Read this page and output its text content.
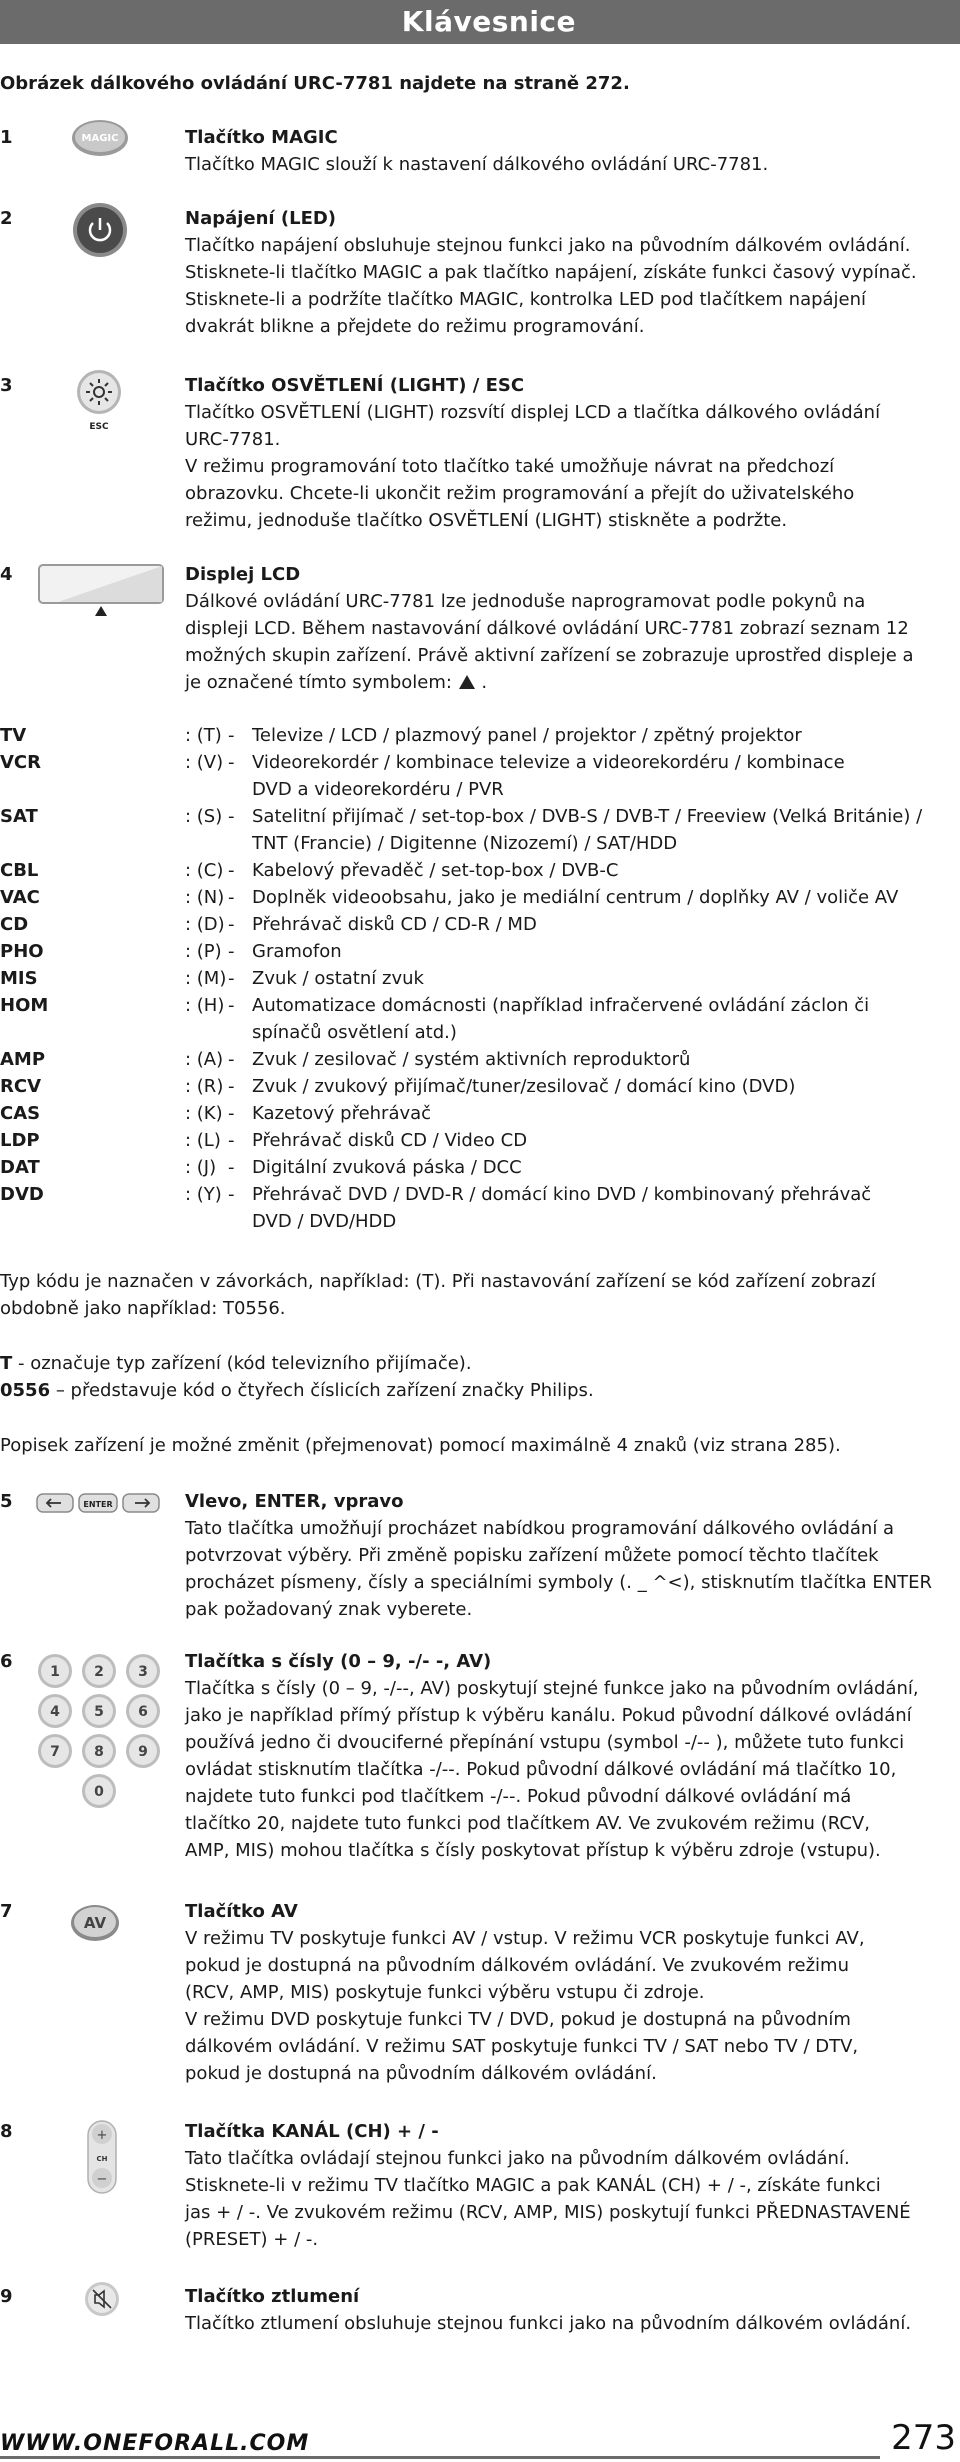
Klávesnice
Obrázek dálkového ovládání URC-7781 najdete na straně 272.
1	MAGIC	Tlačítko MAGIC

Tlačítko MAGIC slouží k nastavení dálkového ovládání URC-7781.

2	Napájení (LED)

Tlačítko napájení obsluhuje stejnou funkci jako na původním dálkovém ovládání.

Stisknete-li tlačítko MAGIC a pak tlačítko napájení, získáte funkci časový vypínač.

Stisknete-li a podržíte tlačítko MAGIC, kontrolka LED pod tlačítkem napájení

dvakrát blikne a přejdete do režimu programování.

3
ESC

Tlačítko OSVĚTLENÍ (LIGHT) / ESC

Tlačítko OSVĚTLENÍ (LIGHT) rozsvítí displej LCD a tlačítka dálkového ovládání

URC-7781.

V režimu programování toto tlačítko také umožňuje návrat na předchozí

obrazovku. Chcete-li ukončit režim programování a přejít do uživatelského

režimu, jednoduše tlačítko OSVĚTLENÍ (LIGHT) stiskněte a podržte.

4	Displej LCD

Dálkové ovládání URC-7781 lze jednoduše naprogramovat podle pokynů na

displeji LCD. Během nastavování dálkové ovládání URC-7781 zobrazí seznam 12

možných skupin zařízení. Právě aktivní zařízení se zobrazuje uprostřed displeje a

je označené tímto symbolem: .

TV	: (T) - Televize / LCD / plazmový panel / projektor / zpětný projektor

VCR	: (V) - Videorekordér / kombinace televize a videorekordéru / kombinace

DVD a videorekordéru / PVR

SAT	: (S) - Satelitní přijímač / set-top-box / DVB-S / DVB-T / Freeview (Velká Británie) /

TNT (Francie) / Digitenne (Nizozemí) / SAT/HDD

CBL	: (C) - Kabelový převaděč / set-top-box / DVB-C

VAC	: (N) - Doplněk videoobsahu, jako je mediální centrum / doplňky AV / voliče AV

CD	: (D) - Přehrávač disků CD / CD-R / MD

PHO	: (P) - Gramofon

MIS	: (M) - Zvuk / ostatní zvuk

HOM	: (H) - Automatizace domácnosti (například infračervené ovládání záclon či

spínačů osvětlení atd.)

AMP	: (A) - Zvuk / zesilovač / systém aktivních reproduktorů

RCV	: (R) - Zvuk / zvukový přijímač/tuner/zesilovač / domácí kino (DVD)

CAS	: (K) - Kazetový přehrávač

LDP	: (L) - Přehrávač disků CD / Video CD

DAT	: (J) - Digitální zvuková páska / DCC

DVD	: (Y) - Přehrávač DVD / DVD-R / domácí kino DVD / kombinovaný přehrávač

DVD / DVD/HDD

Typ kódu je naznačen v závorkách, například: (T). Při nastavování zařízení se kód zařízení zobrazí

obdobně jako například: T0556.

T - označuje typ zařízení (kód televizního přijímače).

0556 – představuje kód o čtyřech číslicích zařízení značky Philips.

Popisek zařízení je možné změnit (přejmenovat) pomocí maximálně 4 znaků (viz strana 285).
5	ENTER	Vlevo, ENTER, vpravo

Tato tlačítka umožňují procházet nabídkou programování dálkového ovládání a

potvrzovat výběry. Při změně popisku zařízení můžete pomocí těchto tlačítek

procházet písmeny, čísly a speciálními symboly (. _ ^<), stisknutím tlačítka ENTER

pak požadovaný znak vyberete.

6	1 2 3
4 5 6
7 8 9
0

Tlačítka s čísly (0 – 9, -/- -, AV)

Tlačítka s čísly (0 – 9, -/--, AV) poskytují stejné funkce jako na původním ovládání,

jako je například přímý přístup k výběru kanálu. Pokud původní dálkové ovládání

používá jedno či dvouciferné přepínání vstupu (symbol -/-- ), můžete tuto funkci

ovládat stisknutím tlačítka -/--. Pokud původní dálkové ovládání má tlačítko 10,

najdete tuto funkci pod tlačítkem -/--. Pokud původní dálkové ovládání má

tlačítko 20, najdete tuto funkci pod tlačítkem AV. Ve zvukovém režimu (RCV,

AMP, MIS) mohou tlačítka s čísly poskytovat přístup k výběru zdroje (vstupu).

7
AV

Tlačítko AV

V režimu TV poskytuje funkci AV / vstup. V režimu VCR poskytuje funkci AV,

pokud je dostupná na původním dálkovém ovládání. Ve zvukovém režimu

(RCV, AMP, MIS) poskytuje funkci výběru vstupu či zdroje.

V režimu DVD poskytuje funkci TV / DVD, pokud je dostupná na původním

dálkovém ovládání. V režimu SAT poskytuje funkci TV / SAT nebo TV / DTV,

pokud je dostupná na původním dálkovém ovládání.

8	+
CH
−

Tlačítka KANÁL (CH) + / -

Tato tlačítka ovládají stejnou funkci jako na původním dálkovém ovládání.

Stisknete-li v režimu TV tlačítko MAGIC a pak KANÁL (CH) + / -, získáte funkci

jas + / -. Ve zvukovém režimu (RCV, AMP, MIS) poskytují funkci PŘEDNASTAVENÉ

(PRESET) + / -.

9	Tlačítko ztlumení

Tlačítko ztlumení obsluhuje stejnou funkci jako na původním dálkovém ovládání.

WWW.ONEFORALL.COM	273
